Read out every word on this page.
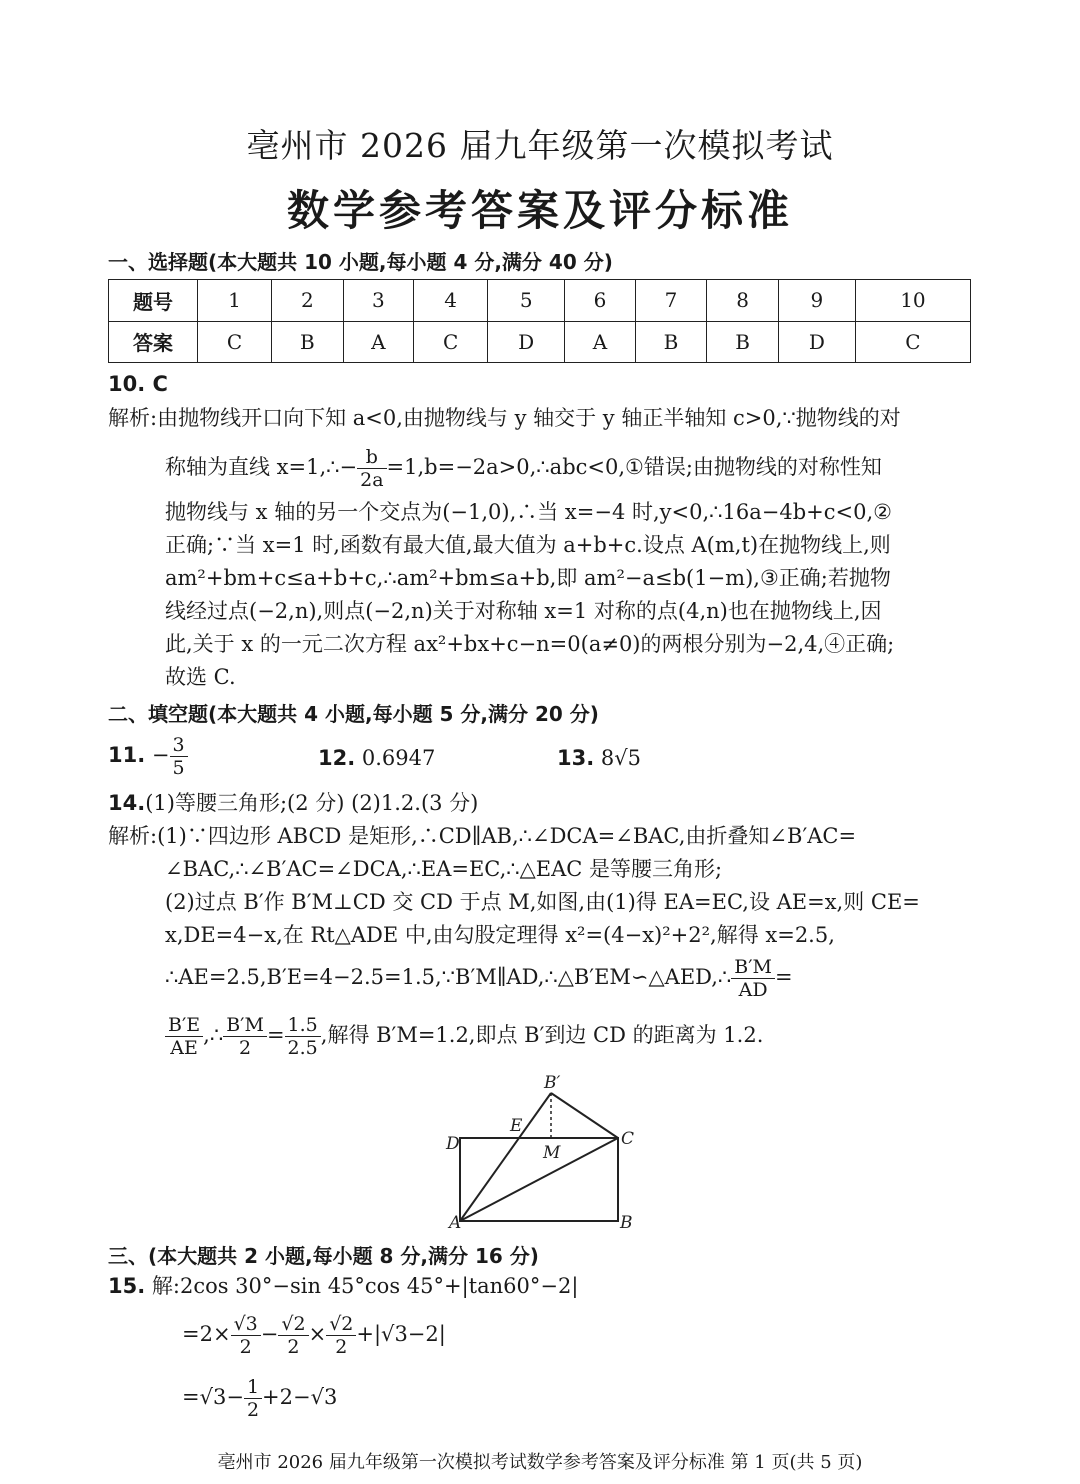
亳州市 2026 届九年级第一次模拟考试
数学参考答案及评分标准
一、选择题(本大题共 10 小题,每小题 4 分,满分 40 分)
题号	1	2	3	4	5	6	7	8	9	10
答案	C	B	A	C	D	A	B	B	D	C
10. C
解析:由抛物线开口向下知 a<0,由抛物线与 y 轴交于 y 轴正半轴知 c>0,∵抛物线的对
称轴为直线 x=1,∴− $\frac{b}{2a}$ =1,b=−2a>0,∴abc<0,①错误;由抛物线的对称性知
抛物线与 x 轴的另一个交点为(−1,0),∴当 x=−4 时,y<0,∴16a−4b+c<0,②
正确;∵当 x=1 时,函数有最大值,最大值为 a+b+c.设点 A(m,t)在抛物线上,则
am²+bm+c≤a+b+c,∴am²+bm≤a+b,即 am²−a≤b(1−m),③正确;若抛物
线经过点(−2,n),则点(−2,n)关于对称轴 x=1 对称的点(4,n)也在抛物线上,因
此,关于 x 的一元二次方程 ax²+bx+c−n=0(a≠0)的两根分别为−2,4,④正确;
故选 C.
二、填空题(本大题共 4 小题,每小题 5 分,满分 20 分)
11. − $\frac{3}{5}$	12. 0.6947	13. 8√5
14.(1)等腰三角形;(2 分) (2)1.2.(3 分)
解析:(1)∵四边形 ABCD 是矩形,∴CD∥AB,∴∠DCA=∠BAC,由折叠知∠B′AC=
∠BAC,∴∠B′AC=∠DCA,∴EA=EC,∴△EAC 是等腰三角形;
(2)过点 B′作 B′M⊥CD 交 CD 于点 M,如图,由(1)得 EA=EC,设 AE=x,则 CE=
x,DE=4−x,在 Rt△ADE 中,由勾股定理得 x²=(4−x)²+2²,解得 x=2.5,
∴AE=2.5,B′E=4−2.5=1.5,∵B′M∥AD,∴△B′EM∽△AED,∴ $\frac{B'M}{AD}$ =
$\frac{B'E}{AE}$ ,∴ $\frac{B'M}{2} = \frac{1.5}{2.5}$ ,解得 B′M=1.2,即点 B′到边 CD 的距离为 1.2.
B′
E
D	C
M
A	B
三、(本大题共 2 小题,每小题 8 分,满分 16 分)
15. 解:2cos 30°−sin 45°cos 45°+|tan60°−2|
$=2\times \frac{√3}{2} - \frac{√2}{2} \times \frac{√2}{2} +|√3-2|$
$=√3- \frac{1}{2} +2-√3$
亳州市 2026 届九年级第一次模拟考试数学参考答案及评分标准 第 1 页(共 5 页)
